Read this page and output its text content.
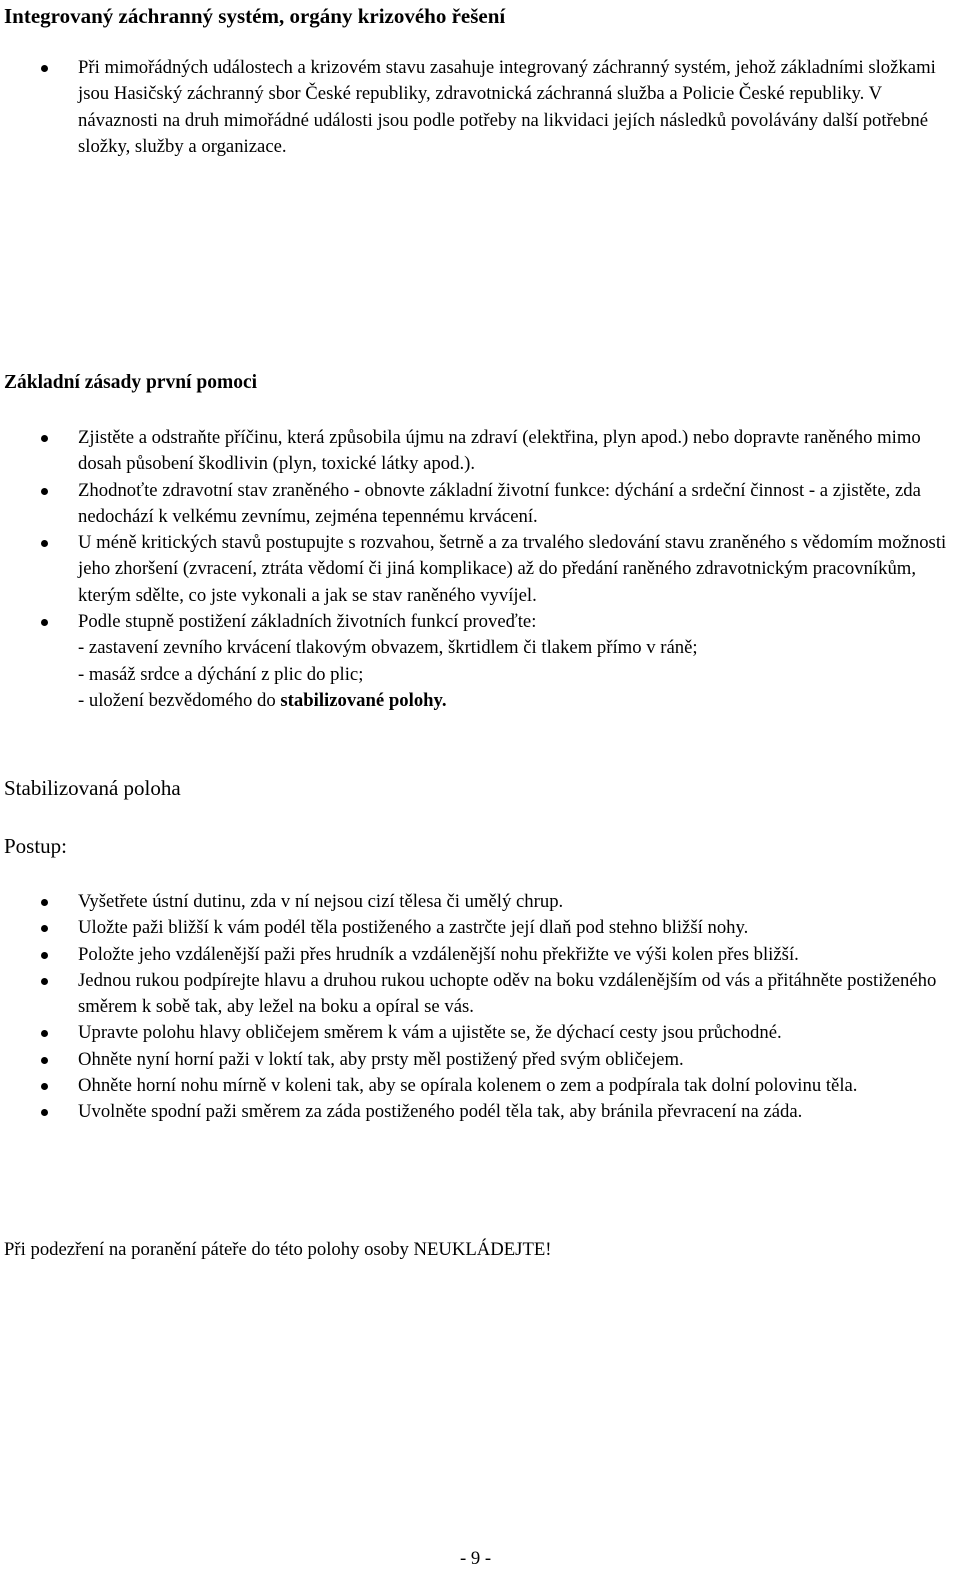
Integrovaný záchranný systém, orgány krizového řešení
Při mimořádných událostech a krizovém stavu zasahuje integrovaný záchranný systém, jehož základními složkami jsou Hasičský záchranný sbor České republiky, zdravotnická záchranná služba a Policie České republiky. V návaznosti na druh mimořádné události jsou podle potřeby na likvidaci jejích následků povolávány další potřebné složky, služby a organizace.
Základní zásady první pomoci
Zjistěte a odstraňte příčinu, která způsobila újmu na zdraví (elektřina, plyn apod.) nebo dopravte raněného mimo dosah působení škodlivin (plyn, toxické látky apod.).
Zhodnoťte zdravotní stav zraněného - obnovte základní životní funkce: dýchání a srdeční činnost - a zjistěte, zda nedochází k velkému zevnímu, zejména tepennému krvácení.
U méně kritických stavů postupujte s rozvahou, šetrně a za trvalého sledování stavu zraněného s vědomím možnosti jeho zhoršení (zvracení, ztráta vědomí či jiná komplikace) až do předání raněného zdravotnickým pracovníkům, kterým sdělte, co jste vykonali a jak se stav raněného vyvíjel.
Podle stupně postižení základních životních funkcí proveďte:
- zastavení zevního krvácení tlakovým obvazem, škrtidlem či tlakem přímo v ráně;
- masáž srdce a dýchání z plic do plic;
- uložení bezvědomého do stabilizované polohy.
Stabilizovaná poloha
Postup:
Vyšetřete ústní dutinu, zda v ní nejsou cizí tělesa či umělý chrup.
Uložte paži bližší k vám podél těla postiženého a zastrčte její dlaň pod stehno bližší nohy.
Položte jeho vzdálenější paži přes hrudník a vzdálenější nohu překřižte ve výši kolen přes bližší.
Jednou rukou podpírejte hlavu a druhou rukou uchopte oděv na boku vzdálenějším od vás a přitáhněte postiženého směrem k sobě tak, aby ležel na boku a opíral se vás.
Upravte polohu hlavy obličejem směrem k vám a ujistěte se, že dýchací cesty jsou průchodné.
Ohněte nyní horní paži v loktí tak, aby prsty měl postižený před svým obličejem.
Ohněte horní nohu mírně v koleni tak, aby se opírala kolenem o zem a podpírala tak dolní polovinu těla.
Uvolněte spodní paži směrem za záda postiženého podél těla tak, aby bránila převracení na záda.
Při podezření na poranění páteře do této polohy osoby NEUKLÁDEJTE!
- 9 -
